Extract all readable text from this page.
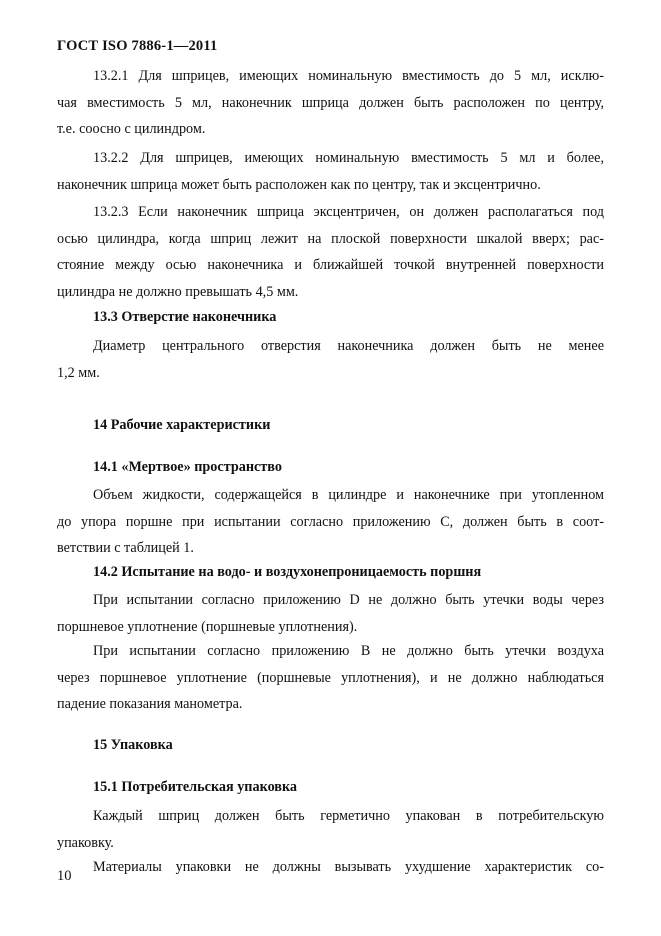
ГОСТ ISO 7886-1—2011
13.2.1 Для шприцев, имеющих номинальную вместимость до 5 мл, исклю-
чая вместимость 5 мл, наконечник шприца должен быть расположен по центру,
т.е. соосно с цилиндром.
13.2.2 Для шприцев, имеющих номинальную вместимость 5 мл и более,
наконечник шприца может быть расположен как по центру, так и эксцентрично.
13.2.3 Если наконечник шприца эксцентричен, он должен располагаться под
осью цилиндра, когда шприц лежит на плоской поверхности шкалой вверх; рас-
стояние между осью наконечника и ближайшей точкой внутренней поверхности
цилиндра не должно превышать 4,5 мм.
13.3 Отверстие наконечника
Диаметр центрального отверстия наконечника должен быть не менее
1,2 мм.
14 Рабочие характеристики
14.1 «Мертвое» пространство
Объем жидкости, содержащейся в цилиндре и наконечнике при утопленном
до упора поршне при испытании согласно приложению С, должен быть в соот-
ветствии с таблицей 1.
14.2 Испытание на водо- и воздухонепроницаемость поршня
При испытании согласно приложению D не должно быть утечки воды через
поршневое уплотнение (поршневые уплотнения).
При испытании согласно приложению В не должно быть утечки воздуха
через поршневое уплотнение (поршневые уплотнения), и не должно наблюдаться
падение показания манометра.
15 Упаковка
15.1 Потребительская упаковка
Каждый шприц должен быть герметично упакован в потребительскую
упаковку.
Материалы упаковки не должны вызывать ухудшение характеристик со-
10
